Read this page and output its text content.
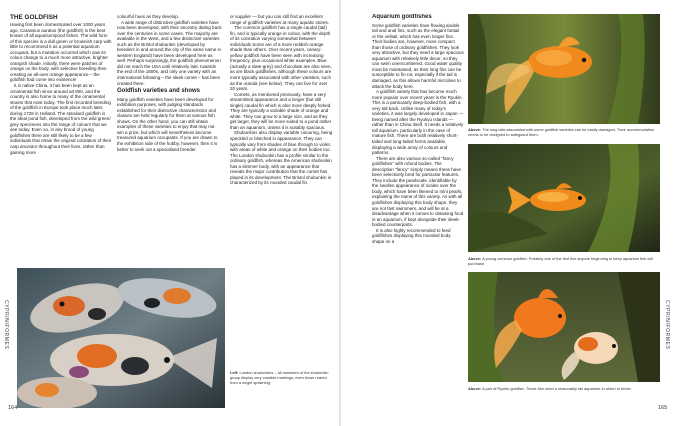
THE GOLDFISH

Having first been domesticated over 1000 years ago, Carassius auratus (the goldfish) is the best known of all aquarium/pond fishes. The wild form of this species is a dull green or brownish carp with little to recommend it as a potential aquarium occupant, but a mutation occurred which saw its colour change to a much more attractive, brighter orangish shade. Initially, there were patches of orange on the body, with selective breeding then creating an all-over orange appearance – the goldfish had come into existence!

It is native China, it has been kept as an ornamental fish since around ad 800, and the country is also home to many of the ornamental strains that exist today. The first recorded breeding of the goldfish in Europe took place much later, during 1728 in Holland. The standard goldfish is the ideal pond fish, developed from the wild green/ grey specimens into the range of colours that we see today. Even so, in any brood of young goldfishes there are still likely to be a few individuals that retain the original coloration of their carp ancestor throughout their lives, rather than gaining more

colourful hues as they develop.

A wide range of distinctive goldfish varieties have now been developed, with their ancestry dating back over the centuries in some cases. The majority are available in the West, and a few distinctive varieties such as the Bristol shubunkin (developed by breeders in and around the city of the same name in western England) have been developed here as well. Perhaps surprisingly, the goldfish phenomenon did not reach the USA until relatively late, towards the end of the 1800s, and only one variety with an international following – the sleek comet – has been created there.

Goldfish varieties and shows

Many goldfish varieties have been developed for exhibition purposes, with judging standards established for their distinctive characteristics and classes are held regularly for them at various fish shows. On the other hand, you can still obtain examples of these varieties to enjoy that may not win a prize, but which will nevertheless become treasured aquarium occupants. If you are drawn to the exhibition side of the hobby, however, then it is better to seek out a specialised breeder

or supplier — but you can still find an excellent range of goldfish varieties at many aquatic stores.

The common goldfish has a single caudal (tail) fin, and is typically orange in colour, with the depth of its coloration varying somewhat between individuals Some are of a more reddish-orange shade than others. Over recent years, canary-yellow goldfish have been seen with increasing frequency, plus occasional white examples. Blue (actually a slate-grey) and chocolate are also seen, as are black goldfishes, although these colours are more typically associated with other varieties, such as the oranda (see below). They can live for over 20 years.

Comets, as mentioned previously, have a very streamlined appearance and a longer (but still single) caudal fin which is also more deeply forked. They are typically a variable shade of orange and white. They can grow to a large size, and as they get larger, they will be more suited to a pond rather than an aquarium, unless it is suitably spacious.

Shubunkins also display variable colouring, being speckled or blotched in appearance. They can typically vary from shades of blue through to violet, with areas of white and orange on their bodies too. The London shubunkin has a profile similar to the ordinary goldfish, whereas the American shubunkin has a slimmer body, with an appearance that reveals the major contribution that the comet has played in its development. The Bristol shubunkin is characterized by its rounded caudal fin.

Left: London shubunkins – all members of the shubunkin group display very variable markings, even those reared from a single spawning.
CYPRINIFORMES
164
Aquarium goldfishes

Some goldfish varieties have flowing double tail and anal fins, such as the elegant fantail or the veiltail, which has even longer fins. Their bodies are, however, more compact than those of ordinary goldfishes. They look very attractive, but they need a large spacious aquarium with relatively little decor, so they can swim unencumbered. Good water quality must be maintained, as their long fins can be susceptible to fin-rot, especially if the tail is damaged, as this allows harmful microbes to attack the body here.

A goldfish variety that has become much more popular over recent years is the Ryukin. This is a particularly deep-bodied fish, with a very tall back. Unlike many of today's varieties, it was largely developed in Japan — being named after the Ryukyu Islands — rather than in China itself. It needs a relatively tall aquarium, particularly in the case of mature fish. There are both relatively short-tailed and long-tailed forms available, displaying a wide array of colours and patterns.

There are also various so-called "fancy goldfishes" with rofund bodies. The description "fancy" simply means these have been selectively bred for particular features. They include the pearlscale, identifiable by the swollen appearance of scales over the body, which have been likened to mini pearls, explaining the name of this variety. As with all goldfishes displaying this body shape, they are not fast swimmers, and will be at a disadvantage when it comes to obtaining food in an aquarium, if kept alongside their sleek-bodied counterparts.

It is also highly recommended to feed goldfishes displaying this rounded body shape on a

Above: The long tails associated with some goldfish varieties can be easily damaged. Their accommodation needs to be designed to safeguard them.
Above: A young common goldfish. Possibly one of the first fish anyone beginning to keep aquarium fish will purchase.
Above: A pair of Ryukin goldfish. These fish need a reasonably tall aquarium-in which to thrive.
CYPRINIFORMES
165
